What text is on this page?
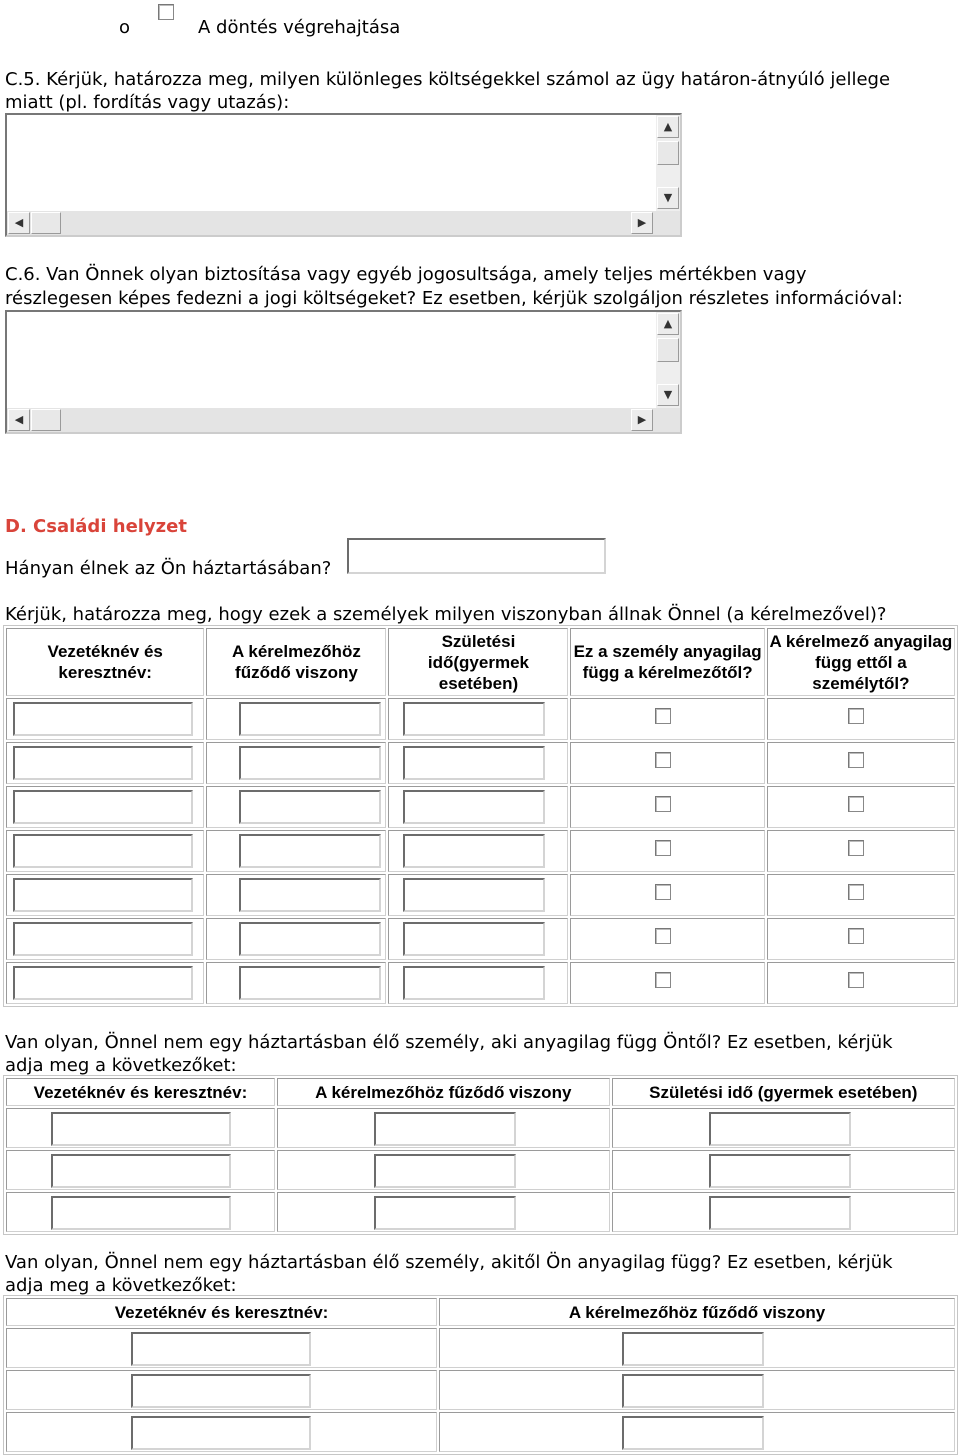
o	A döntés végrehajtása
C.5. Kérjük, határozza meg, milyen különleges költségekkel számol az ügy határon-átnyúló jellege
miatt (pl. fordítás vagy utazás):
▲
▼
◀	▶
C.6. Van Önnek olyan biztosítása vagy egyéb jogosultsága, amely teljes mértékben vagy
részlegesen képes fedezni a jogi költségeket? Ez esetben, kérjük szolgáljon részletes információval:
▲
▼
◀	▶
D. Családi helyzet
Hányan élnek az Ön háztartásában?
Kérjük, határozza meg, hogy ezek a személyek milyen viszonyban állnak Önnel (a kérelmezővel)?
Vezetéknév és keresztnév:	A kérelmezőhöz fűződő viszony	Születési idő(gyermek esetében)	Ez a személy anyagilag függ a kérelmezőtől?	A kérelmező anyagilag függ ettől a személytől?

Van olyan, Önnel nem egy háztartásban élő személy, aki anyagilag függ Öntől? Ez esetben, kérjük
adja meg a következőket:
Vezetéknév és keresztnév:	A kérelmezőhöz fűződő viszony	Születési idő (gyermek esetében)

Van olyan, Önnel nem egy háztartásban élő személy, akitől Ön anyagilag függ? Ez esetben, kérjük
adja meg a következőket:
Vezetéknév és keresztnév:	A kérelmezőhöz fűződő viszony
